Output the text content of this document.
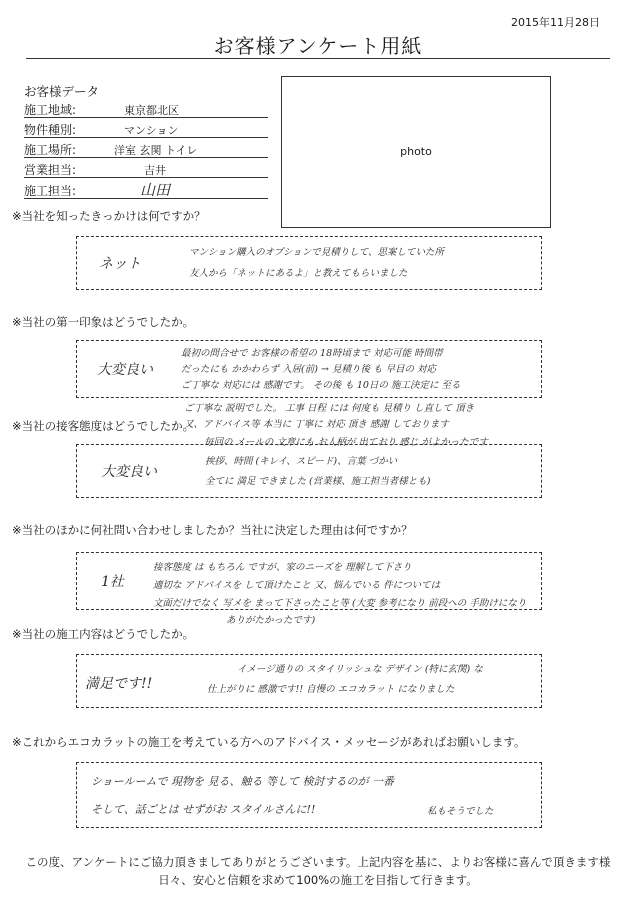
2015年11月28日
お客様アンケート用紙
お客様データ
施工地域:	東京都北区
物件種別:	マンション
施工場所:	洋室 玄関 トイレ
営業担当:	吉井
施工担当:	山田
photo
※当社を知ったきっかけは何ですか？
ネット
マンション購入のオプションで見積りして、思案していた所
友人から「ネットにあるよ」と教えてもらいました
※当社の第一印象はどうでしたか。
大変良い
最初の問合せで お客様の希望の 18時頃まで 対応可能 時間帯
だったにも かかわらず 入居(前) → 見積り後 も 早目の 対応
ご丁寧な 対応には 感謝です。 その後 も 10日の 施工決定に 至る
ご丁寧な 説明でした。 工事 日程 には 何度も 見積り し直して 頂き
※当社の接客態度はどうでしたか。
又、アドバイス等 本当に 丁寧に 対応 頂き 感謝 しております
毎回の メールの 文章にも お人柄が 出ており 感じ がよかったです
大変良い
挨拶、時間 (キレイ、スピード)、言葉 づかい
全てに 満足 できました (営業様、施工担当者様とも)
※当社のほかに何社問い合わせしましたか？当社に決定した理由は何ですか？
1社
接客態度 は もちろん ですが、家のニーズを 理解して下さり
適切な アドバイスを して頂けたこと 又、悩んでいる 件については
文面だけでなく 写メを まって下さったこと等 (大変 参考になり 前段への 手助けになり
ありがたかったです)
※当社の施工内容はどうでしたか。
満足です!!
イメージ通りの スタイリッシュな デザイン (特に玄関) な
仕上がりに 感激です!! 自慢の エコカラット になりました
※これからエコカラットの施工を考えている方へのアドバイス・メッセージがあればお願いします。
ショールームで 現物を 見る、触る 等して 検討するのが 一番
そして、話ごとは せずがお スタイルさんに!!	私もそうでした
この度、アンケートにご協力頂きましてありがとうございます。上記内容を基に、よりお客様に喜んで頂きます様
日々、安心と信頼を求めて100%の施工を目指して行きます。
